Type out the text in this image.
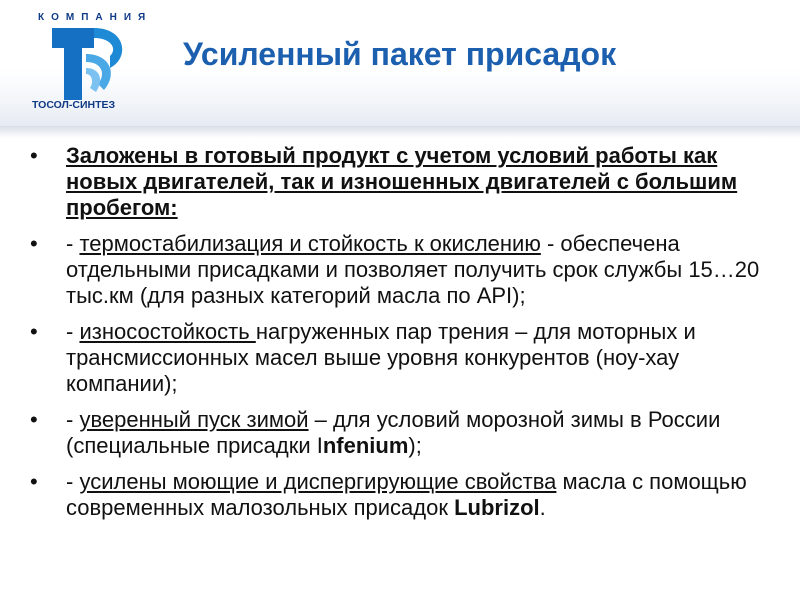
КОМПАНИЯ
ТОСОЛ-СИНТЕЗ
Усиленный пакет присадок
• Заложены в готовый продукт с учетом условий работы как новых двигателей, так и изношенных двигателей с большим пробегом:
• - термостабилизация и стойкость к окислению - обеспечена отдельными присадками и позволяет получить срок службы 15…20 тыс.км (для разных категорий масла по API);
• - износостойкость нагруженных пар трения – для моторных и трансмиссионных масел выше уровня конкурентов (ноу-хау компании);
• - уверенный пуск зимой – для условий морозной зимы в России (специальные присадки Infenium);
• - усилены моющие и диспергирующие свойства масла с помощью современных малозольных присадок Lubrizol.
